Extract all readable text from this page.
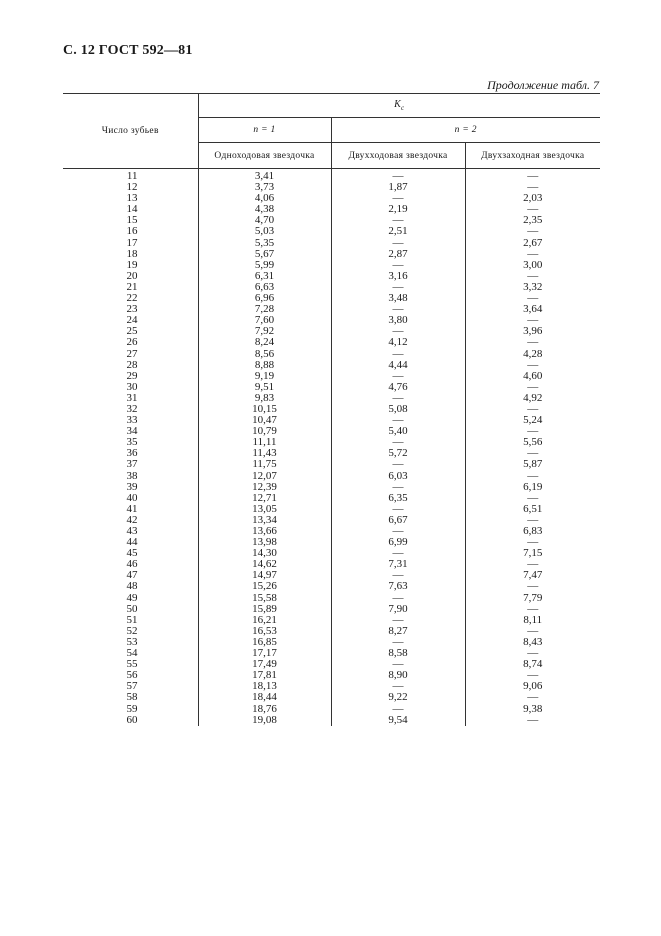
С. 12 ГОСТ 592—81
Продолжение табл. 7
Число зубьев	$K_c$
	n = 1	n = 2	
	Одноходовая звездочка	Двухходовая звездочка	Двухзаходная звездочка
11	3,41	—	—
12	3,73	1,87	—
13	4,06	—	2,03
14	4,38	2,19	—
15	4,70	—	2,35
16	5,03	2,51	—
17	5,35	—	2,67
18	5,67	2,87	—
19	5,99	—	3,00
20	6,31	3,16	—
21	6,63	—	3,32
22	6,96	3,48	—
23	7,28	—	3,64
24	7,60	3,80	—
25	7,92	—	3,96
26	8,24	4,12	—
27	8,56	—	4,28
28	8,88	4,44	—
29	9,19	—	4,60
30	9,51	4,76	—
31	9,83	—	4,92
32	10,15	5,08	—
33	10,47	—	5,24
34	10,79	5,40	—
35	11,11	—	5,56
36	11,43	5,72	—
37	11,75	—	5,87
38	12,07	6,03	—
39	12,39	—	6,19
40	12,71	6,35	—
41	13,05	—	6,51
42	13,34	6,67	—
43	13,66	—	6,83
44	13,98	6,99	—
45	14,30	—	7,15
46	14,62	7,31	—
47	14,97	—	7,47
48	15,26	7,63	—
49	15,58	—	7,79
50	15,89	7,90	—
51	16,21	—	8,11
52	16,53	8,27	—
53	16,85	—	8,43
54	17,17	8,58	—
55	17,49	—	8,74
56	17,81	8,90	—
57	18,13	—	9,06
58	18,44	9,22	—
59	18,76	—	9,38
60	19,08	9,54	—
